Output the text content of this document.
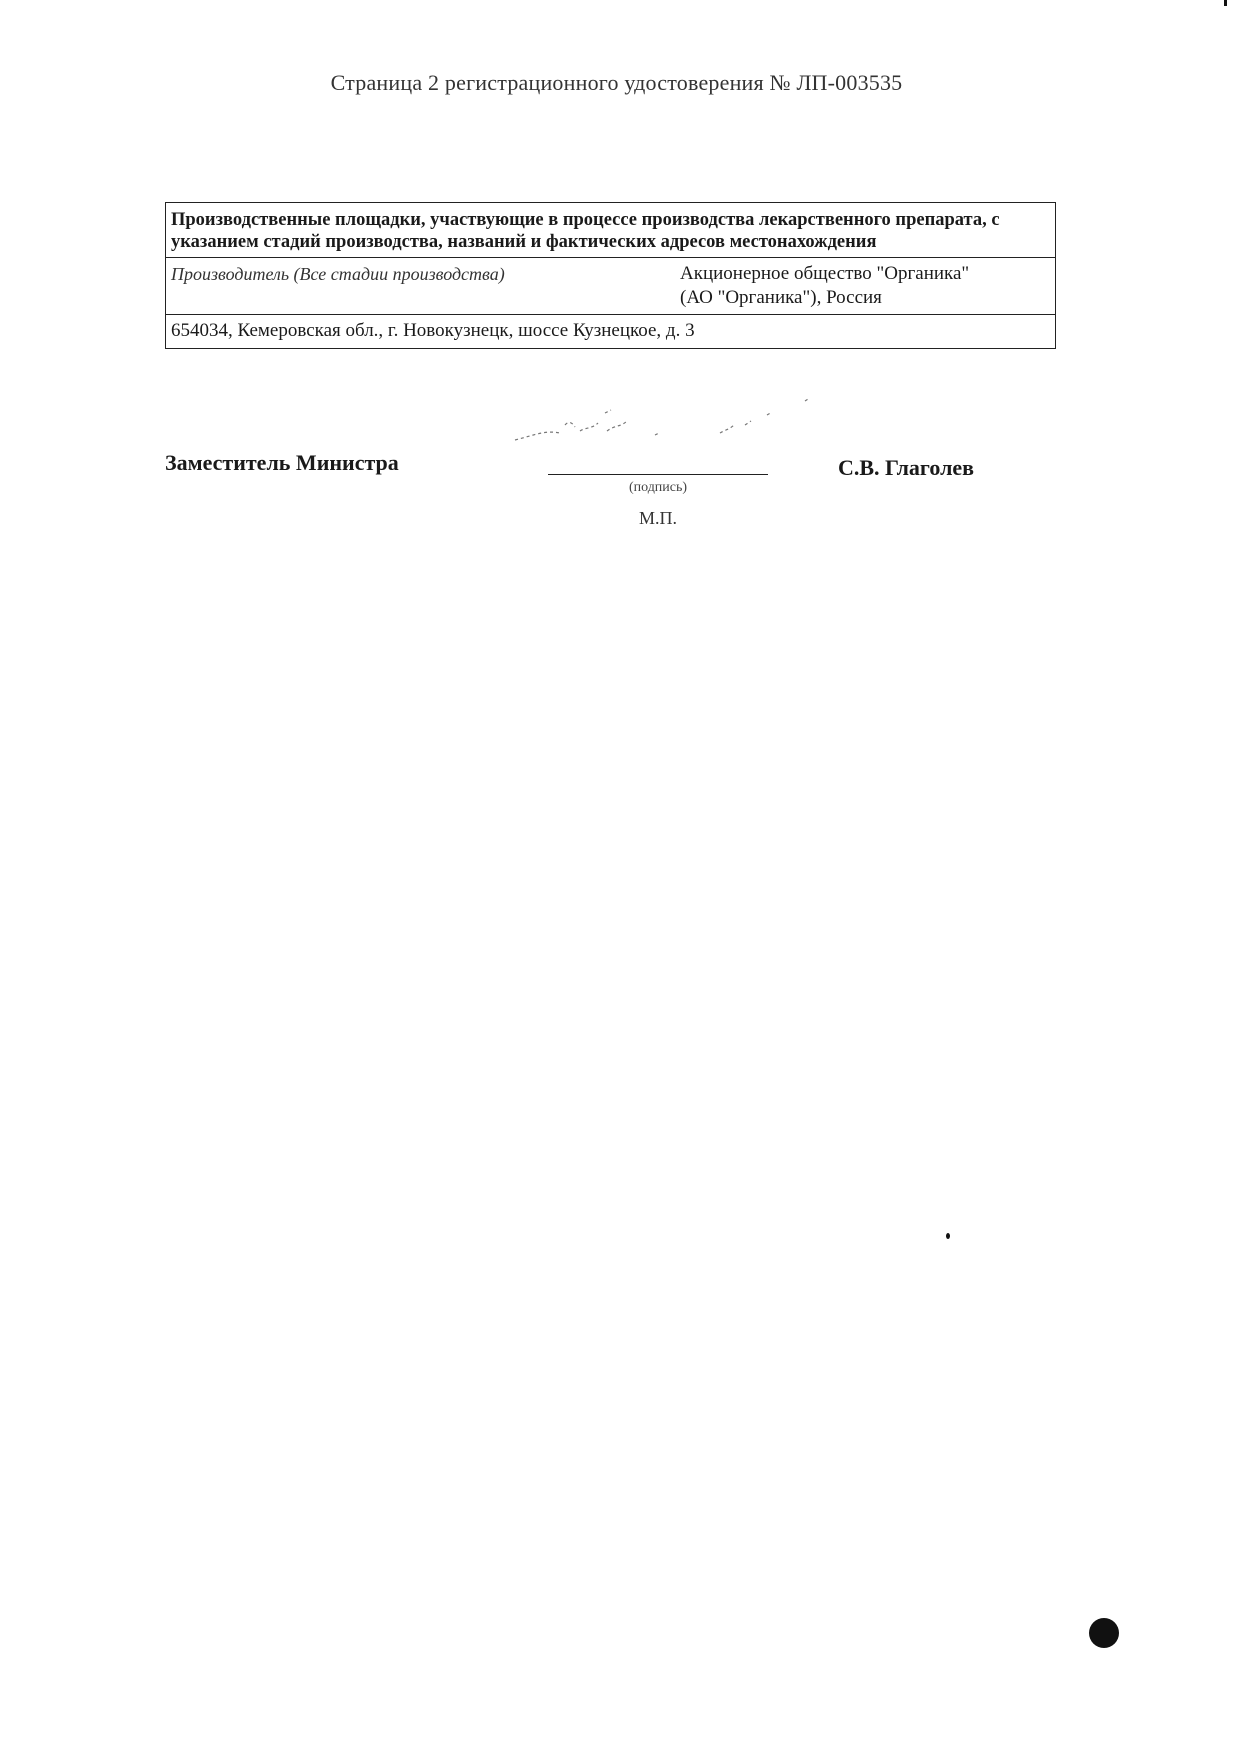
Страница 2 регистрационного удостоверения № ЛП-003535
Производственные площадки, участвующие в процессе производства лекарственного препарата, с указанием стадий производства, названий и фактических адресов местонахождения
Производитель (Все стадии производства)	Акционерное общество "Органика"
(АО "Органика"), Россия

654034, Кемеровская обл., г. Новокузнецк, шоссе Кузнецкое, д. 3
Заместитель Министра
(подпись)
М.П.
С.В. Глаголев
